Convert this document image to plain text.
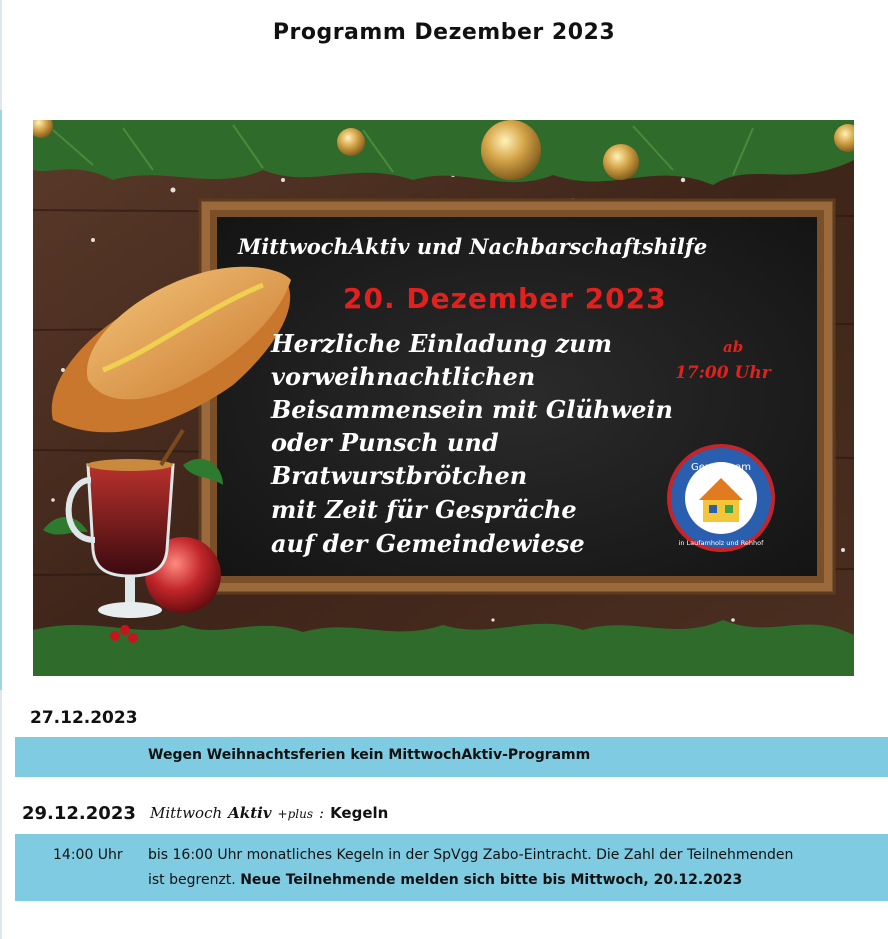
Programm Dezember 2023
MittwochAktiv und Nachbarschaftshilfe
20. Dezember 2023
ab
17:00 Uhr
Herzliche Einladung zum
vorweihnachtlichen
Beisammensein mit Glühwein
oder Punsch und
Bratwurstbrötchen
mit Zeit für Gespräche
auf der Gemeindewiese
Gemeinsam
in Laufamholz und Rehhof
27.12.2023
Wegen Weihnachtsferien kein MittwochAktiv-Programm
29.12.2023 Mittwoch Aktiv +plus : Kegeln
14:00 Uhr bis 16:00 Uhr monatliches Kegeln in der SpVgg Zabo-Eintracht. Die Zahl der Teilnehmenden
ist begrenzt. Neue Teilnehmende melden sich bitte bis Mittwoch, 20.12.2023
